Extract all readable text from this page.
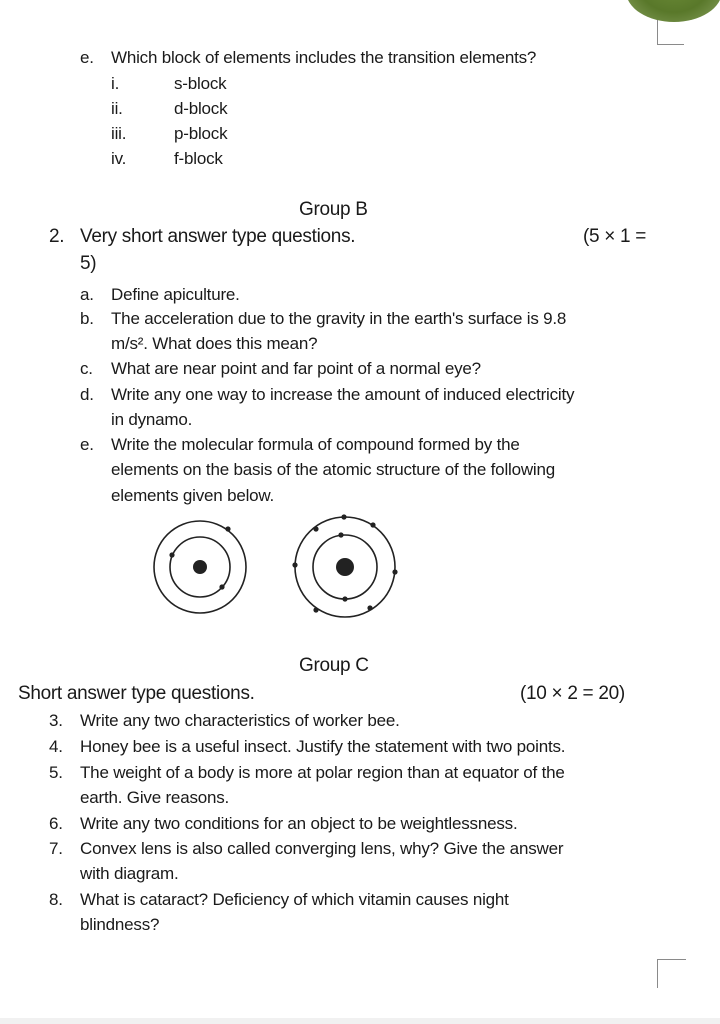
e. Which block of elements includes the transition elements?
i.	s-block
ii.	d-block
iii.	p-block
iv.	f-block
Group B
2. Very short answer type questions.	(5 × 1 =
5)
a. Define apiculture.
b. The acceleration due to the gravity in the earth's surface is 9.8
m/s². What does this mean?
c. What are near point and far point of a normal eye?
d. Write any one way to increase the amount of induced electricity
in dynamo.
e. Write the molecular formula of compound formed by the
elements on the basis of the atomic structure of the following
elements given below.
Group C
Short answer type questions.	(10 × 2 = 20)
3. Write any two characteristics of worker bee.
4. Honey bee is a useful insect. Justify the statement with two points.
5. The weight of a body is more at polar region than at equator of the
earth. Give reasons.
6. Write any two conditions for an object to be weightlessness.
7. Convex lens is also called converging lens, why? Give the answer
with diagram.
8. What is cataract? Deficiency of which vitamin causes night
blindness?
